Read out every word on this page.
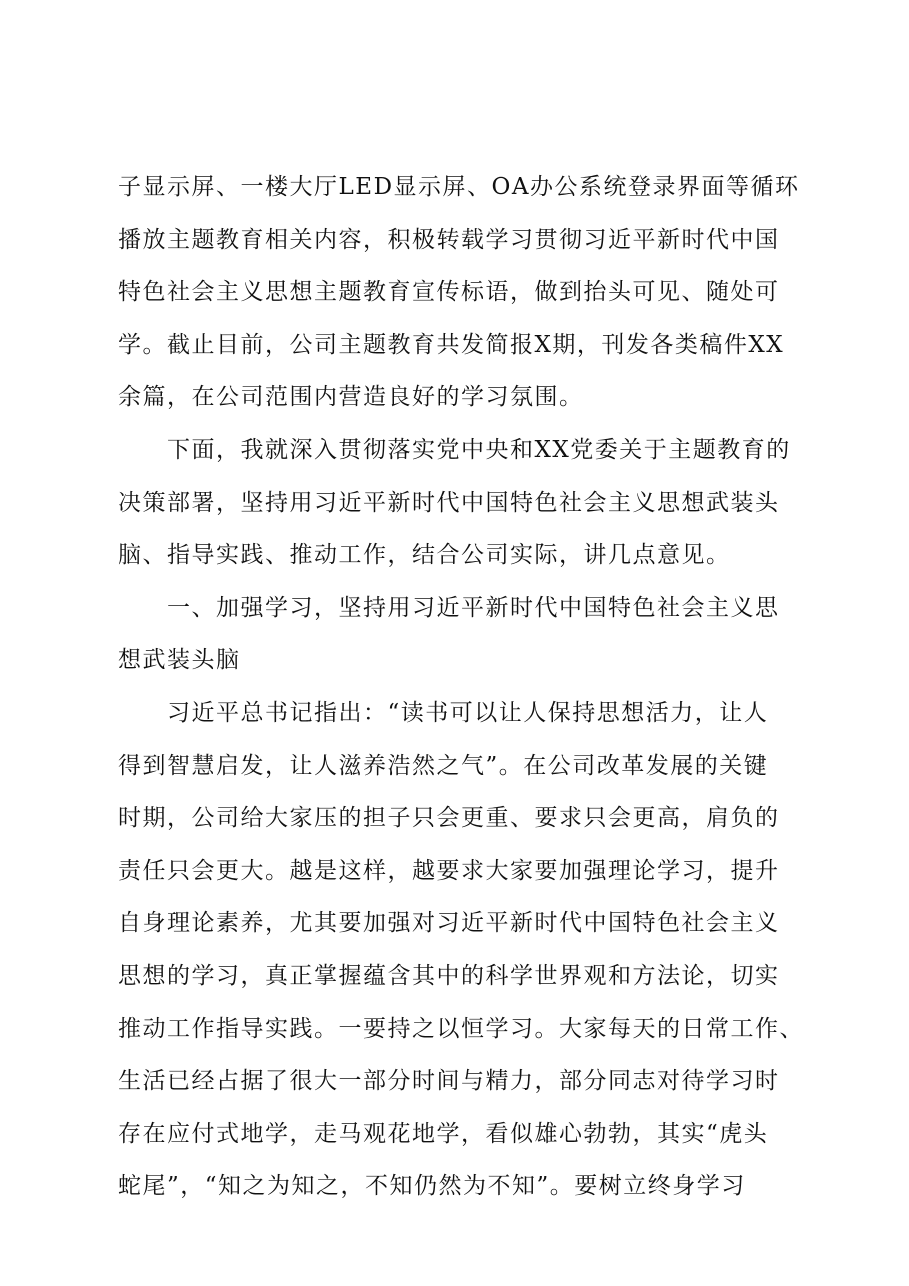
子显示屏、一楼大厅LED显示屏、OA办公系统登录界面等循环
播放主题教育相关内容，积极转载学习贯彻习近平新时代中国
特色社会主义思想主题教育宣传标语，做到抬头可见、随处可
学。截止目前，公司主题教育共发简报X期，刊发各类稿件XX
余篇，在公司范围内营造良好的学习氛围。
下面，我就深入贯彻落实党中央和XX党委关于主题教育的
决策部署，坚持用习近平新时代中国特色社会主义思想武装头
脑、指导实践、推动工作，结合公司实际，讲几点意见。
一、加强学习，坚持用习近平新时代中国特色社会主义思
想武装头脑
习近平总书记指出：“读书可以让人保持思想活力，让人
得到智慧启发，让人滋养浩然之气”。在公司改革发展的关键
时期，公司给大家压的担子只会更重、要求只会更高，肩负的
责任只会更大。越是这样，越要求大家要加强理论学习，提升
自身理论素养，尤其要加强对习近平新时代中国特色社会主义
思想的学习，真正掌握蕴含其中的科学世界观和方法论，切实
推动工作指导实践。一要持之以恒学习。大家每天的日常工作、
生活已经占据了很大一部分时间与精力，部分同志对待学习时
存在应付式地学，走马观花地学，看似雄心勃勃，其实“虎头
蛇尾”，“知之为知之，不知仍然为不知”。要树立终身学习
